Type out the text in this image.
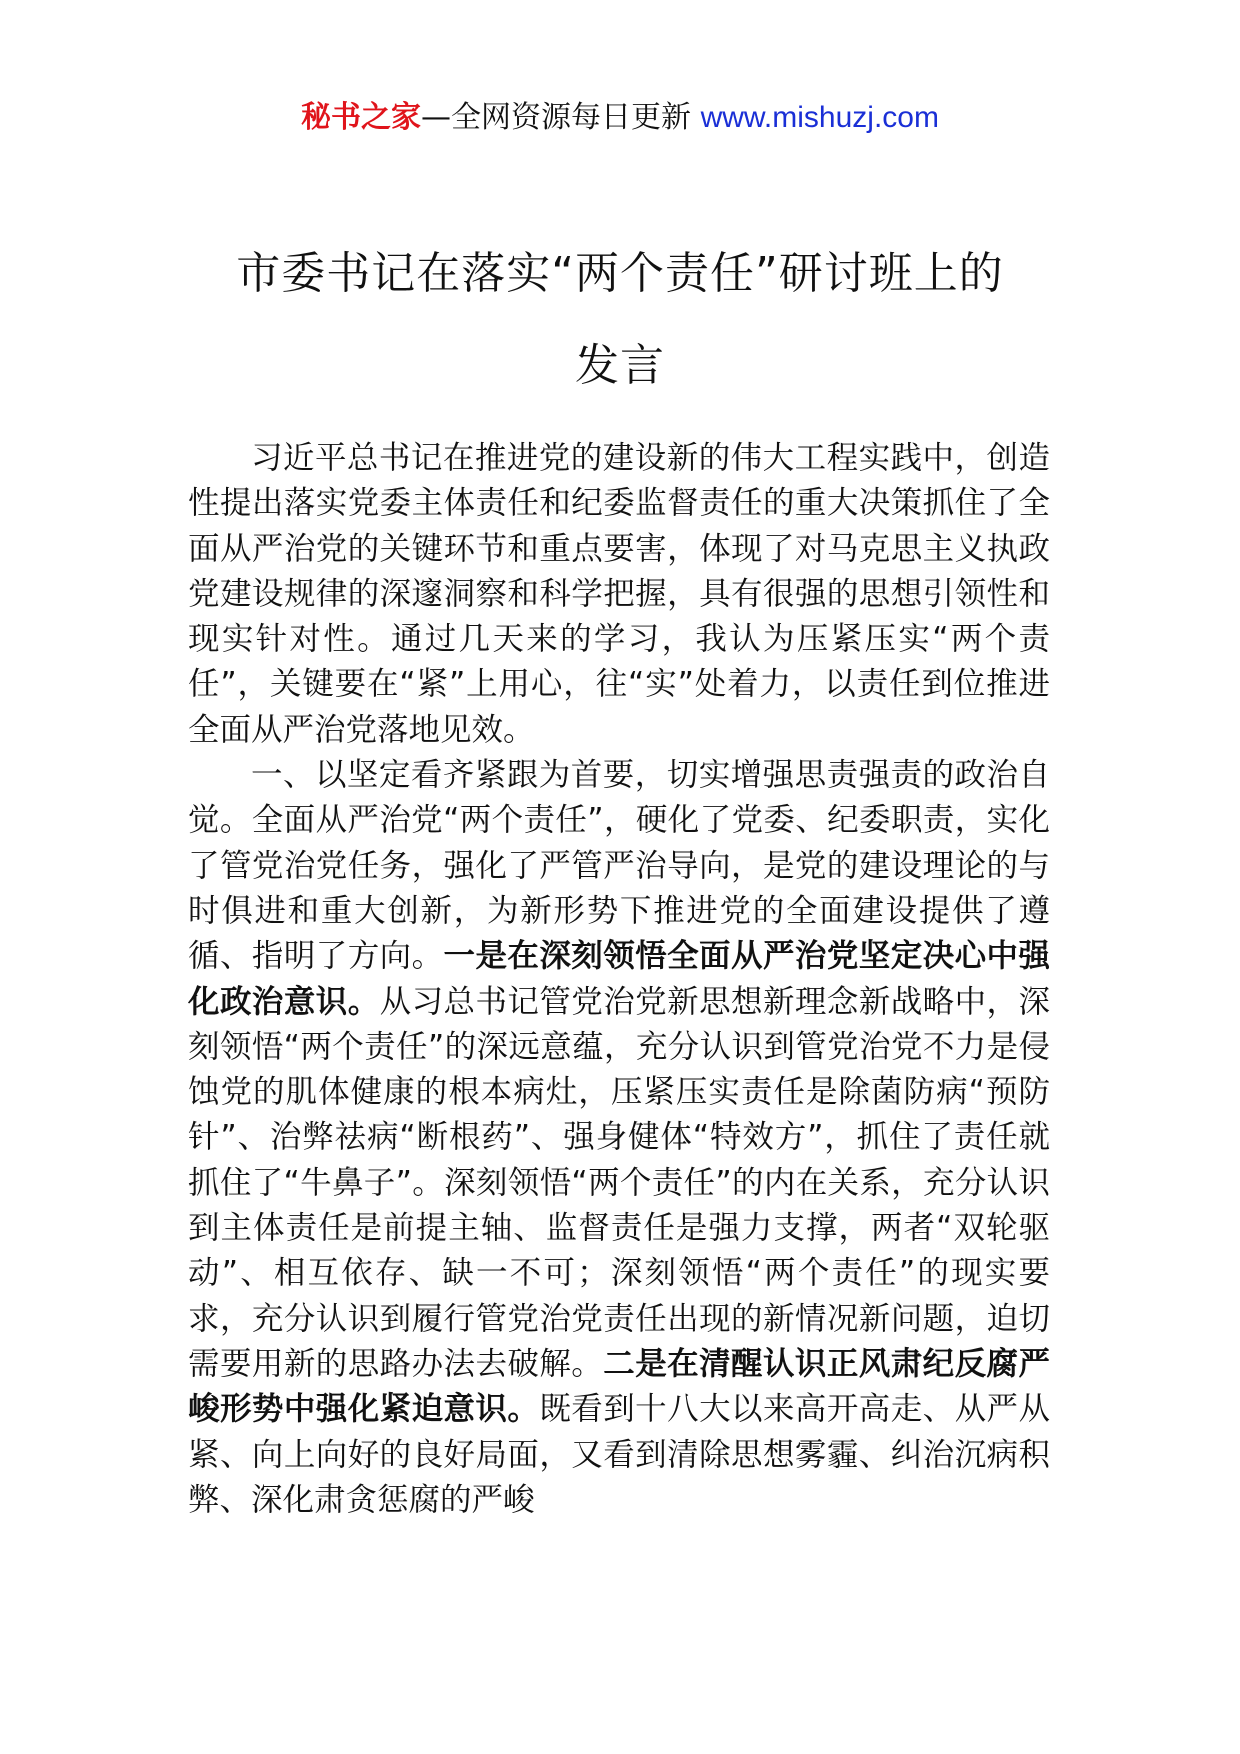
秘书之家—全网资源每日更新 www.mishuzj.com
市委书记在落实“两个责任”研讨班上的
发言

习近平总书记在推进党的建设新的伟大工程实践中，创造性提出落实党委主体责任和纪委监督责任的重大决策抓住了全面从严治党的关键环节和重点要害，体现了对马克思主义执政党建设规律的深邃洞察和科学把握，具有很强的思想引领性和现实针对性。通过几天来的学习，我认为压紧压实“两个责任”，关键要在“紧”上用心，往“实”处着力，以责任到位推进全面从严治党落地见效。

一、以坚定看齐紧跟为首要，切实增强思责强责的政治自觉。全面从严治党“两个责任”，硬化了党委、纪委职责，实化了管党治党任务，强化了严管严治导向，是党的建设理论的与时俱进和重大创新，为新形势下推进党的全面建设提供了遵循、指明了方向。一是在深刻领悟全面从严治党坚定决心中强化政治意识。从习总书记管党治党新思想新理念新战略中，深刻领悟“两个责任”的深远意蕴，充分认识到管党治党不力是侵蚀党的肌体健康的根本病灶，压紧压实责任是除菌防病“预防针”、治弊祛病“断根药”、强身健体“特效方”，抓住了责任就抓住了“牛鼻子”。深刻领悟“两个责任”的内在关系，充分认识到主体责任是前提主轴、监督责任是强力支撑，两者“双轮驱动”、相互依存、缺一不可；深刻领悟“两个责任”的现实要求，充分认识到履行管党治党责任出现的新情况新问题，迫切需要用新的思路办法去破解。二是在清醒认识正风肃纪反腐严峻形势中强化紧迫意识。既看到十八大以来高开高走、从严从紧、向上向好的良好局面，又看到清除思想雾霾、纠治沉病积弊、深化肃贪惩腐的严峻
